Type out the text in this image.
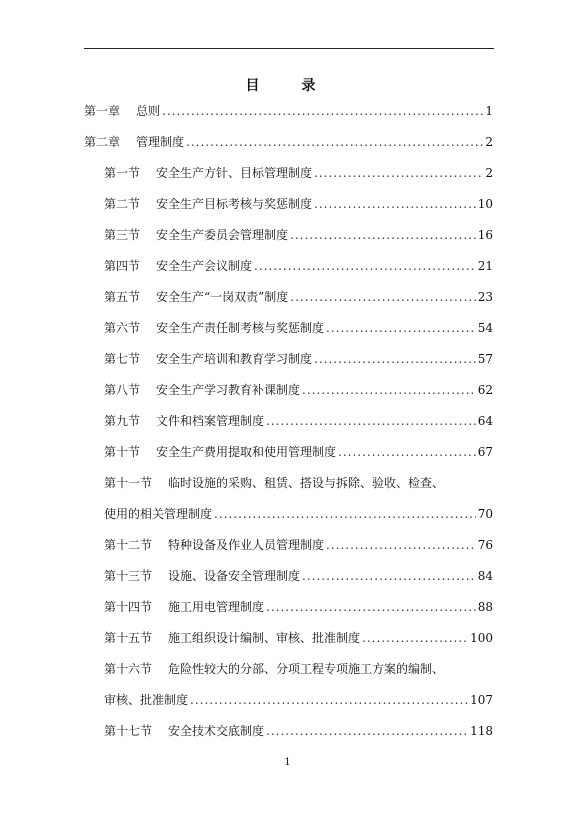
目　录
第一章 总则 .....	1
第二章 管理制度 .....	2
第一节 安全生产方针、目标管理制度 .....	2
第二节 安全生产目标考核与奖惩制度 .....	10
第三节 安全生产委员会管理制度 .....	16
第四节 安全生产会议制度 .....	21
第五节 安全生产“一岗双责”制度 .....	23
第六节 安全生产责任制考核与奖惩制度 .....	54
第七节 安全生产培训和教育学习制度 .....	57
第八节 安全生产学习教育补课制度 .....	62
第九节 文件和档案管理制度 .....	64
第十节 安全生产费用提取和使用管理制度 .....	67
第十一节 临时设施的采购、租赁、搭设与拆除、验收、检查、
使用的相关管理制度 .....	70
第十二节 特种设备及作业人员管理制度 .....	76
第十三节 设施、设备安全管理制度 .....	84
第十四节 施工用电管理制度 .....	88
第十五节 施工组织设计编制、审核、批准制度 .....	100
第十六节 危险性较大的分部、分项工程专项施工方案的编制、
审核、批准制度 .....	107
第十七节 安全技术交底制度 .....	118
1
